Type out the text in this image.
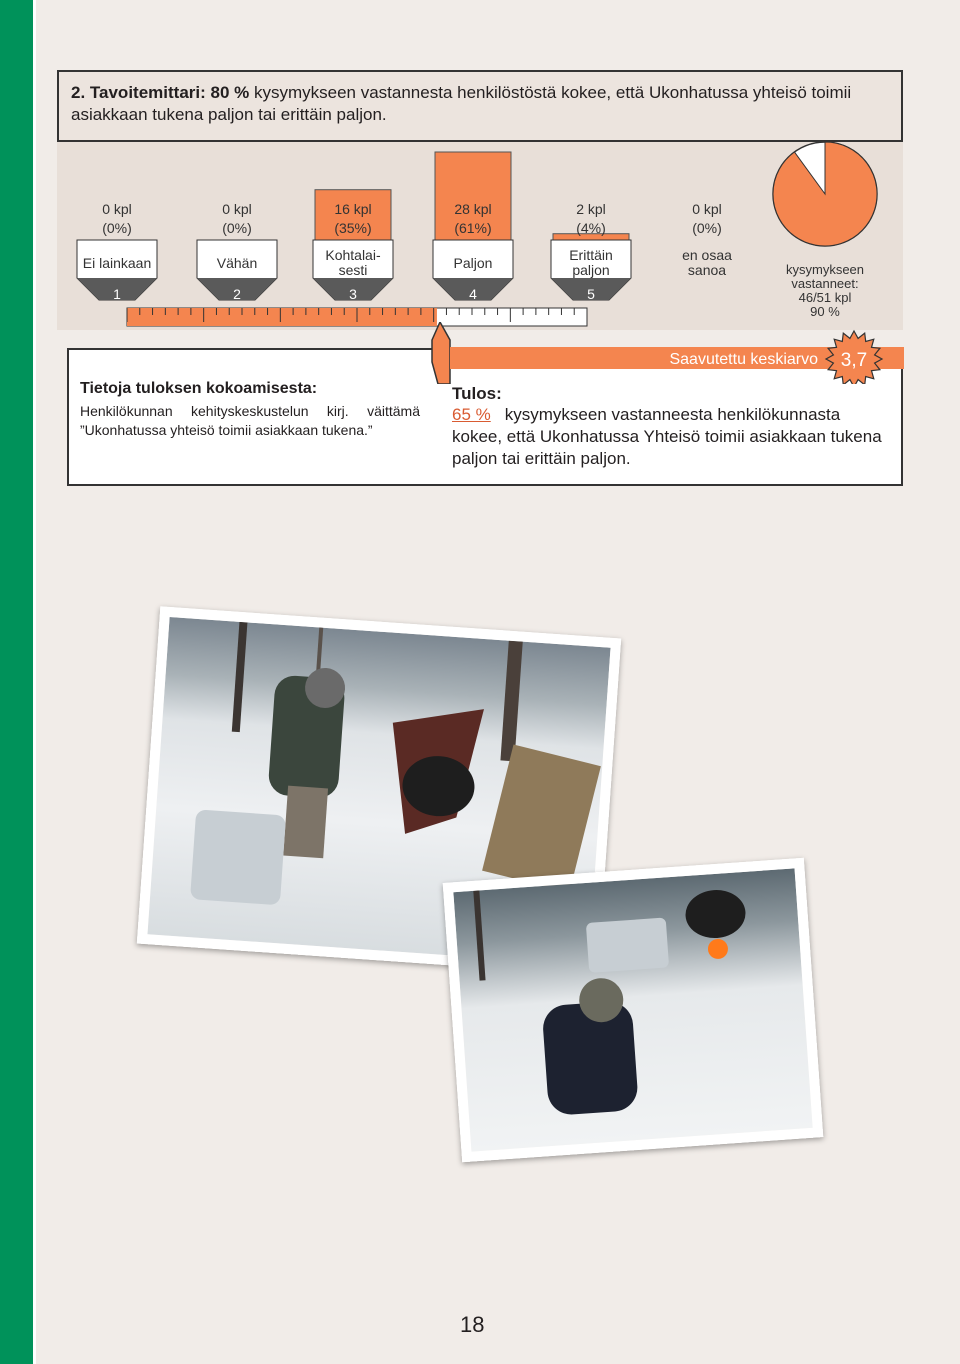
2. Tavoitemittari: 80 % kysymykseen vastannesta henkilöstöstä kokee, että Ukonhatussa yhteisö toimii asiakkaan tukena paljon tai erittäin paljon.
0 kpl
(0%)
1
Ei lainkaan
0 kpl
(0%)
2
Vähän
16 kpl
(35%)
3
Kohtalai-
sesti
28 kpl
(61%)
4
Paljon
2 kpl
(4%)
5
Erittäin
paljon
0 kpl
(0%)
en osaa
sanoa	kysymykseen
vastanneet:
46/51 kpl
90 %
Saavutettu keskiarvo 3,7
Tietoja tuloksen kokoamisesta:
Henkilökunnan kehityskeskustelun kirj. väittämä ”Ukonhatussa yhteisö toimii asiakkaan tukena.”
Tulos:
65 % kysymykseen vastanneesta henkilökunnasta kokee, että Ukonhatussa Yhteisö toimii asiakkaan tukena paljon tai erittäin paljon.
18
